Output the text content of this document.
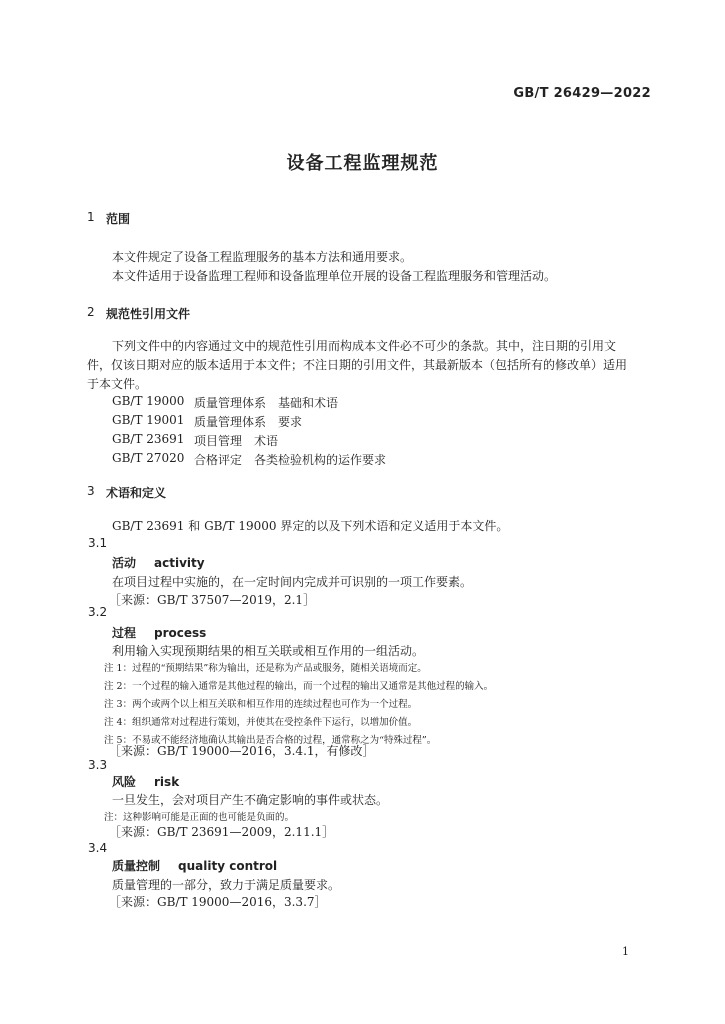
GB/T 26429—2022
设备工程监理规范
1 范围
本文件规定了设备工程监理服务的基本方法和通用要求。
本文件适用于设备监理工程师和设备监理单位开展的设备工程监理服务和管理活动。
2 规范性引用文件
下列文件中的内容通过文中的规范性引用而构成本文件必不可少的条款。其中，注日期的引用文件，仅该日期对应的版本适用于本文件；不注日期的引用文件，其最新版本（包括所有的修改单）适用于本文件。
GB/T 19000 质量管理体系　基础和术语
GB/T 19001 质量管理体系　要求
GB/T 23691 项目管理　术语
GB/T 27020 合格评定　各类检验机构的运作要求
3 术语和定义
GB/T 23691 和 GB/T 19000 界定的以及下列术语和定义适用于本文件。
3.1
活动 activity
在项目过程中实施的，在一定时间内完成并可识别的一项工作要素。
［来源：GB/T 37507—2019，2.1］
3.2
过程 process
利用输入实现预期结果的相互关联或相互作用的一组活动。
注 1：过程的“预期结果”称为输出，还是称为产品或服务，随相关语境而定。
注 2：一个过程的输入通常是其他过程的输出，而一个过程的输出又通常是其他过程的输入。
注 3：两个或两个以上相互关联和相互作用的连续过程也可作为一个过程。
注 4：组织通常对过程进行策划，并使其在受控条件下运行，以增加价值。
注 5：不易或不能经济地确认其输出是否合格的过程，通常称之为“特殊过程”。
［来源：GB/T 19000—2016，3.4.1，有修改］
3.3
风险 risk
一旦发生，会对项目产生不确定影响的事件或状态。
注：这种影响可能是正面的也可能是负面的。
［来源：GB/T 23691—2009，2.11.1］
3.4
质量控制 quality control
质量管理的一部分，致力于满足质量要求。
［来源：GB/T 19000—2016，3.3.7］
1
